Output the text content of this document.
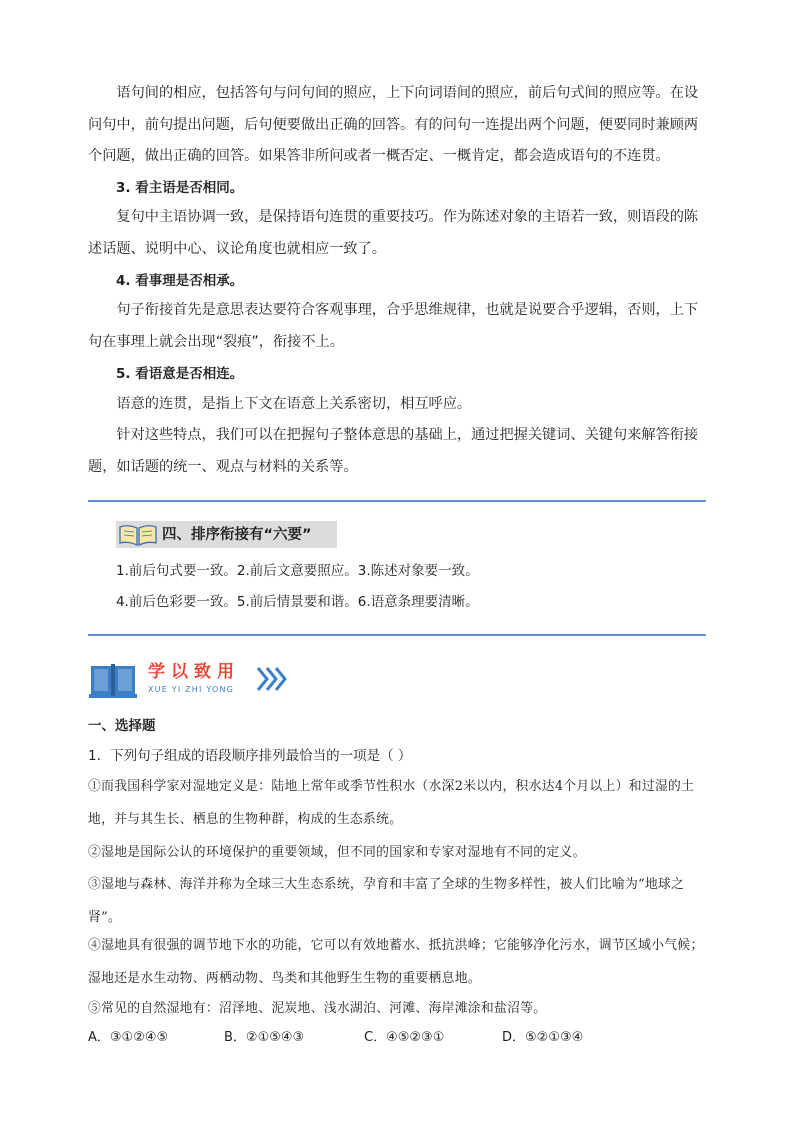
语句间的相应，包括答句与问句间的照应，上下向词语间的照应，前后句式间的照应等。在设问句中，前句提出问题，后句便要做出正确的回答。有的问句一连提出两个问题，便要同时兼顾两个问题，做出正确的回答。如果答非所问或者一概否定、一概肯定，都会造成语句的不连贯。

3. 看主语是否相同。

复句中主语协调一致，是保持语句连贯的重要技巧。作为陈述对象的主语若一致，则语段的陈述话题、说明中心、议论角度也就相应一致了。

4. 看事理是否相承。

句子衔接首先是意思表达要符合客观事理，合乎思维规律，也就是说要合乎逻辑，否则，上下句在事理上就会出现“裂痕”，衔接不上。

5. 看语意是否相连。

语意的连贯，是指上下文在语意上关系密切，相互呼应。

针对这些特点，我们可以在把握句子整体意思的基础上，通过把握关键词、关键句来解答衔接题，如话题的统一、观点与材料的关系等。

四、排序衔接有“六要”

1.前后句式要一致。2.前后文意要照应。3.陈述对象要一致。

4.前后色彩要一致。5.前后情景要和谐。6.语意条理要清晰。

学以致用
XUE YI ZHI YONG

一、选择题

1．下列句子组成的语段顺序排列最恰当的一项是（ ）

①而我国科学家对湿地定义是：陆地上常年或季节性积水（水深2米以内，积水达4个月以上）和过湿的土地，并与其生长、栖息的生物种群，构成的生态系统。

②湿地是国际公认的环境保护的重要领域，但不同的国家和专家对湿地有不同的定义。

③湿地与森林、海洋并称为全球三大生态系统，孕育和丰富了全球的生物多样性，被人们比喻为“地球之肾”。

④湿地具有很强的调节地下水的功能，它可以有效地蓄水、抵抗洪峰；它能够净化污水，调节区域小气候；湿地还是水生动物、两栖动物、鸟类和其他野生生物的重要栖息地。

⑤常见的自然湿地有：沼泽地、泥炭地、浅水湖泊、河滩、海岸滩涂和盐沼等。

A．③①②④⑤	B．②①⑤④③	C．④⑤②③①	D．⑤②①③④
